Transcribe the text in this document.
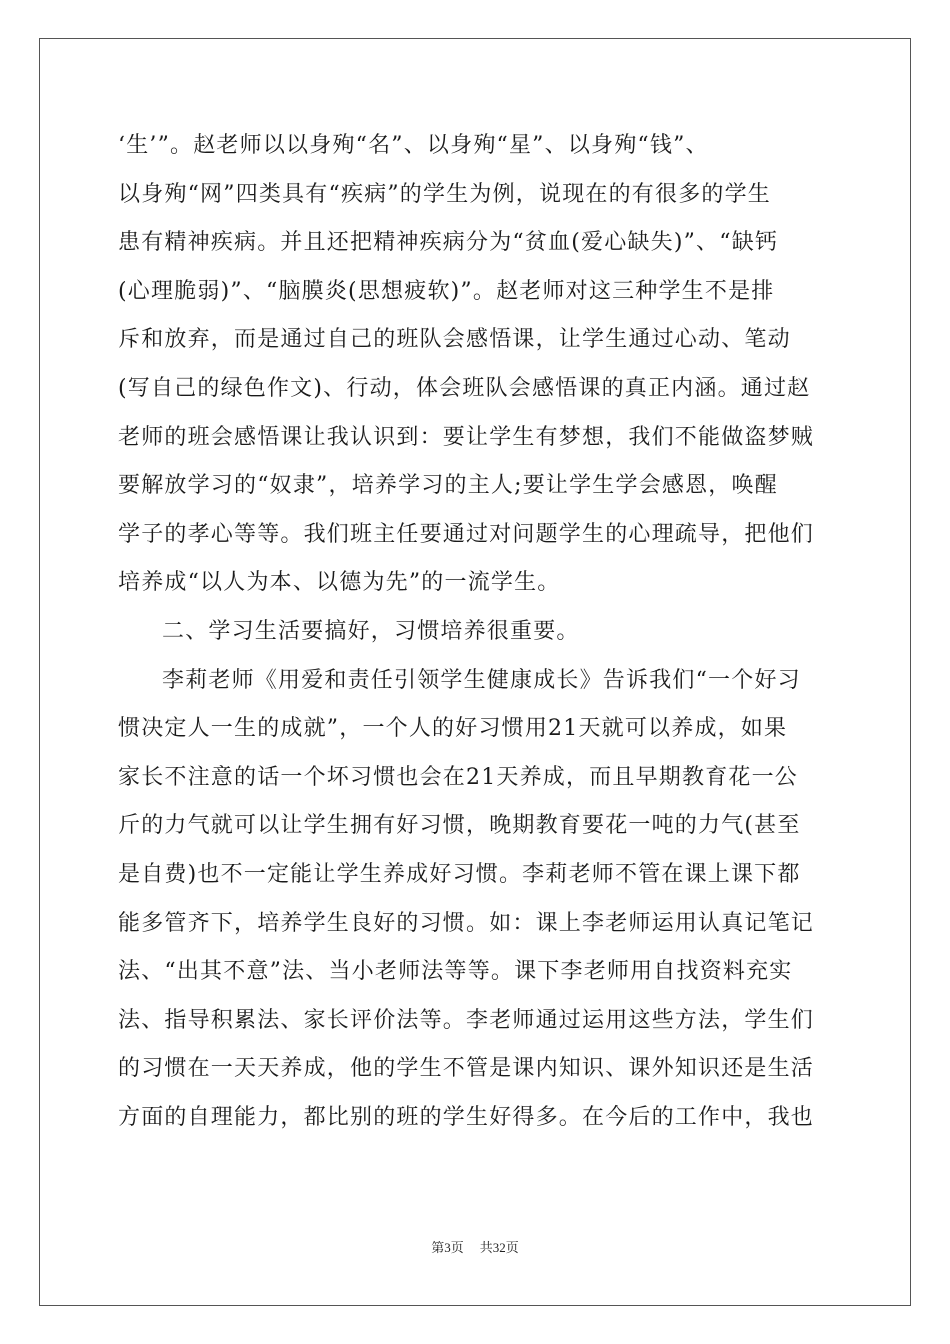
‘生’”。赵老师以以身殉“名”、以身殉“星”、以身殉“钱”、
以身殉“网”四类具有“疾病”的学生为例，说现在的有很多的学生
患有精神疾病。并且还把精神疾病分为“贫血(爱心缺失)”、“缺钙
(心理脆弱)”、“脑膜炎(思想疲软)”。赵老师对这三种学生不是排
斥和放弃，而是通过自己的班队会感悟课，让学生通过心动、笔动
(写自己的绿色作文)、行动，体会班队会感悟课的真正内涵。通过赵
老师的班会感悟课让我认识到：要让学生有梦想，我们不能做盗梦贼
要解放学习的“奴隶”，培养学习的主人;要让学生学会感恩，唤醒
学子的孝心等等。我们班主任要通过对问题学生的心理疏导，把他们
培养成“以人为本、以德为先”的一流学生。
二、学习生活要搞好，习惯培养很重要。
李莉老师《用爱和责任引领学生健康成长》告诉我们“一个好习
惯决定人一生的成就”，一个人的好习惯用21天就可以养成，如果
家长不注意的话一个坏习惯也会在21天养成，而且早期教育花一公
斤的力气就可以让学生拥有好习惯，晚期教育要花一吨的力气(甚至
是自费)也不一定能让学生养成好习惯。李莉老师不管在课上课下都
能多管齐下，培养学生良好的习惯。如：课上李老师运用认真记笔记
法、“出其不意”法、当小老师法等等。课下李老师用自找资料充实
法、指导积累法、家长评价法等。李老师通过运用这些方法，学生们
的习惯在一天天养成，他的学生不管是课内知识、课外知识还是生活
方面的自理能力，都比别的班的学生好得多。在今后的工作中，我也
第3页 共32页
